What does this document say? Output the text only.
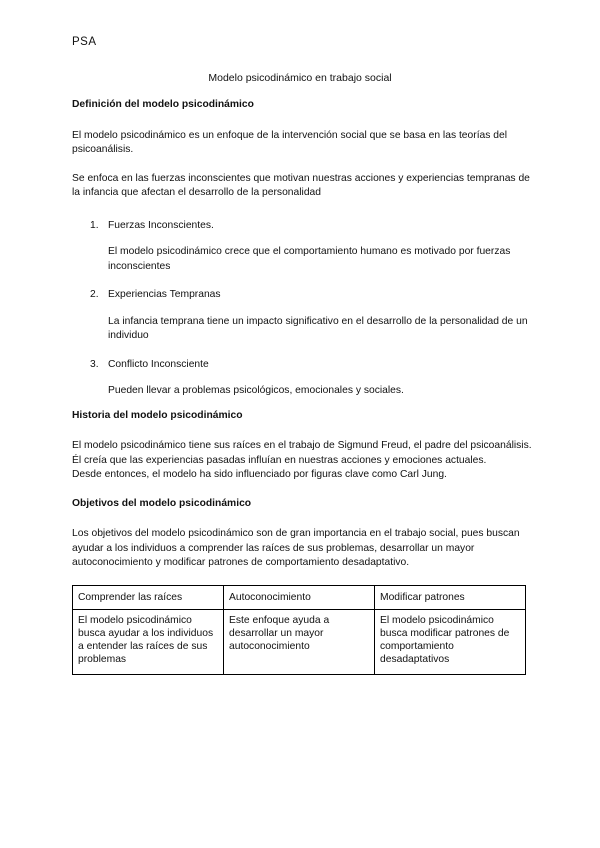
PSA
Modelo psicodinámico en trabajo social
Definición del modelo psicodinámico

El modelo psicodinámico es un enfoque de la intervención social que se basa en las teorías del psicoanálisis.

Se enfoca en las fuerzas inconscientes que motivan nuestras acciones y experiencias tempranas de la infancia que afectan el desarrollo de la personalidad

1. Fuerzas Inconscientes.
El modelo psicodinámico crece que el comportamiento humano es motivado por fuerzas inconscientes
2. Experiencias Tempranas
La infancia temprana tiene un impacto significativo en el desarrollo de la personalidad de un individuo
3. Conflicto Inconsciente
Pueden llevar a problemas psicológicos, emocionales y sociales.
Historia del modelo psicodinámico
El modelo psicodinámico tiene sus raíces en el trabajo de Sigmund Freud, el padre del psicoanálisis.
Él creía que las experiencias pasadas influían en nuestras acciones y emociones actuales.
Desde entonces, el modelo ha sido influenciado por figuras clave como Carl Jung.
Objetivos del modelo psicodinámico

Los objetivos del modelo psicodinámico son de gran importancia en el trabajo social, pues buscan ayudar a los individuos a comprender las raíces de sus problemas, desarrollar un mayor autoconocimiento y modificar patrones de comportamiento desadaptativo.

Comprender las raíces	Autoconocimiento	Modificar patrones
El modelo psicodinámico busca ayudar a los individuos a entender las raíces de sus problemas	Este enfoque ayuda a desarrollar un mayor autoconocimiento	El modelo psicodinámico busca modificar patrones de comportamiento desadaptativos
